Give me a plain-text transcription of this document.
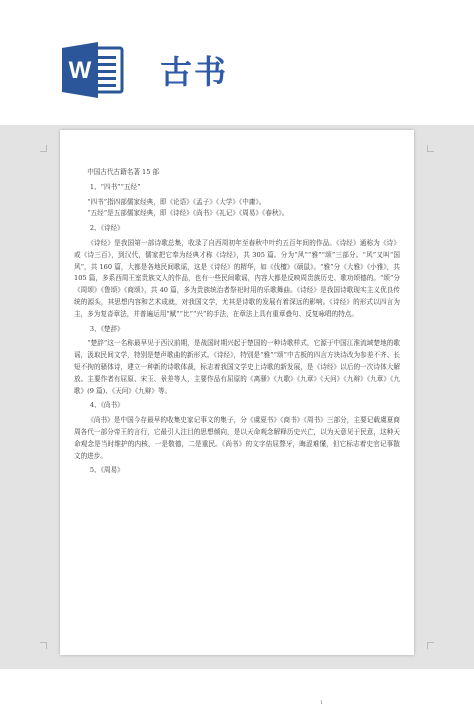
W 古书

中国古代古籍名著 15 部

1、“四书”“五经”

“四书”指四部儒家经典，即《论语》《孟子》《大学》《中庸》。

“五经”是五部儒家经典，即《诗经》《尚书》《礼记》《周易》《春秋》。

2、《诗经》

《诗经》是我国第一部诗歌总集，收录了自西周初年至春秋中叶约五百年间的作品。《诗经》通称为《诗》或《诗三百》，到汉代，儒家把它奉为经典才称《诗经》，共 305 篇。分为“风”“雅”“颂”三部分。“风”又叫“国风”，共 160 篇，大都是各地民间歌谣，这是《诗经》的精华，如《伐檀》《硕鼠》。“雅”分《大雅》《小雅》，共 105 篇，多系西周王室贵族文人的作品，也有一些民间歌谣，内容大都是反映周贵族历史、歌功颂德的。“颂”分《周颂》《鲁颂》《商颂》，共 40 篇，多为贵族统治者祭祀时用的乐歌舞曲。《诗经》是我国诗歌现实主义优良传统的源头，其思想内容和艺术成就，对我国文学，尤其是诗歌的发展有着深远的影响。《诗经》的形式以四言为主，多为复沓章法，并普遍运用“赋”“比”“兴”的手法，在章法上具有重章叠句、反复咏唱的特点。

3、《楚辞》

“楚辞”这一名称最早见于西汉前期，是战国时期兴起于楚国的一种诗歌样式，它源于中国江淮流域楚地的歌谣，汲取民间文学，特别是楚声歌曲的新形式。《诗经》，特别是“雅”“颂”中古板的四言方块诗改为参差不齐、长短不拘的骚体诗，建立一种新的诗歌体裁，标志着我国文学史上诗歌的新发展，是《诗经》以后的一次诗体大解放。主要作者有屈原、宋玉、景差等人，主要作品有屈原的《离骚》《九歌》《九章》《天问》《九辩》《九章》《九歌》(9 篇)、《天问》《九辩》等。

4、《尚书》

《尚书》是中国今存最早的收集史家记事文的集子，分《虞夏书》《商书》《周书》三部分，主要记载虞夏商周各代一部分帝王的言行，它最引人注目的思想倾向，是以天命观念解释历史兴亡，以为天意见于民意，这种天命观念是当时维护的内核，一是敬德，二是重民。《尚书》的文字佶屈聱牙，晦涩难懂，但它标志着史官记事散文的进步。

5、《周易》

1
